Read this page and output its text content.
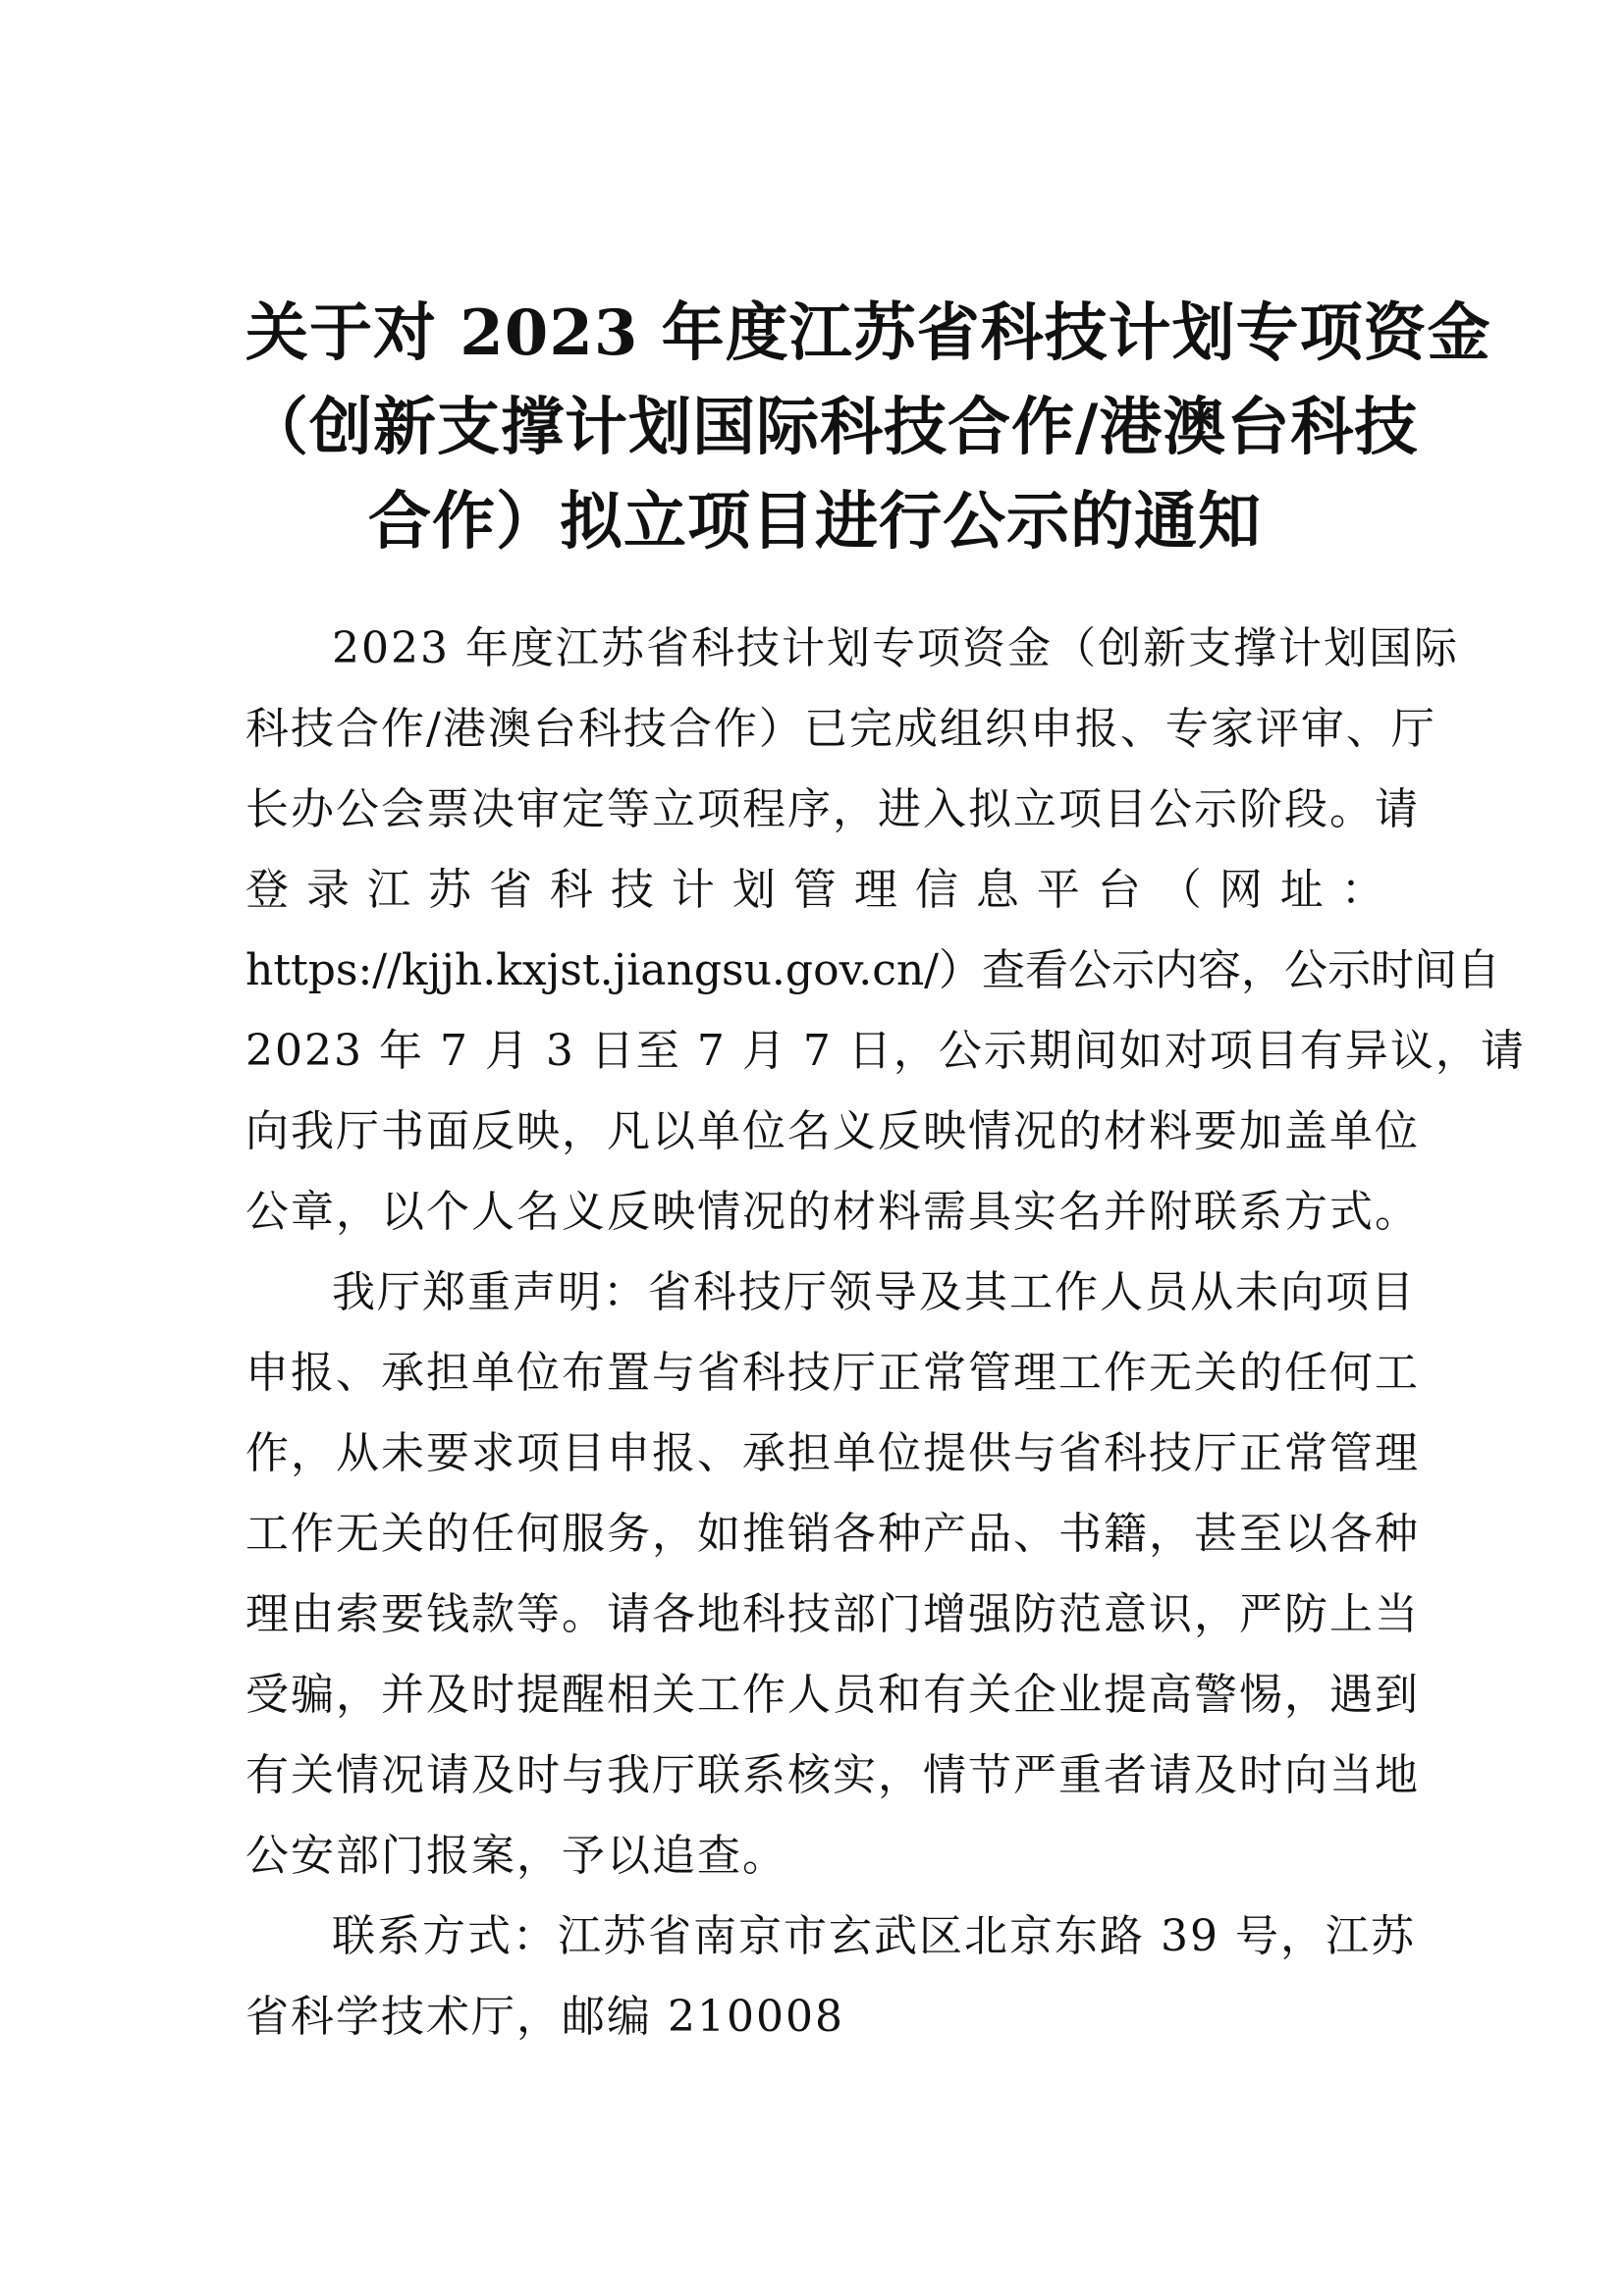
关于对 2023 年度江苏省科技计划专项资金
（创新支撑计划国际科技合作/港澳台科技
合作）拟立项目进行公示的通知
2023 年度江苏省科技计划专项资金（创新支撑计划国际
科技合作/港澳台科技合作）已完成组织申报、专家评审、厅
长办公会票决审定等立项程序，进入拟立项目公示阶段。请
登 录 江 苏 省 科 技 计 划 管 理 信 息 平 台 （ 网 址 ：
https://kjjh.kxjst.jiangsu.gov.cn/）查看公示内容，公示时间自
2023 年 7 月 3 日至 7 月 7 日，公示期间如对项目有异议，请
向我厅书面反映，凡以单位名义反映情况的材料要加盖单位
公章，以个人名义反映情况的材料需具实名并附联系方式。
我厅郑重声明：省科技厅领导及其工作人员从未向项目
申报、承担单位布置与省科技厅正常管理工作无关的任何工
作，从未要求项目申报、承担单位提供与省科技厅正常管理
工作无关的任何服务，如推销各种产品、书籍，甚至以各种
理由索要钱款等。请各地科技部门增强防范意识，严防上当
受骗，并及时提醒相关工作人员和有关企业提高警惕，遇到
有关情况请及时与我厅联系核实，情节严重者请及时向当地
公安部门报案，予以追查。
联系方式：江苏省南京市玄武区北京东路 39 号，江苏
省科学技术厅，邮编 210008
